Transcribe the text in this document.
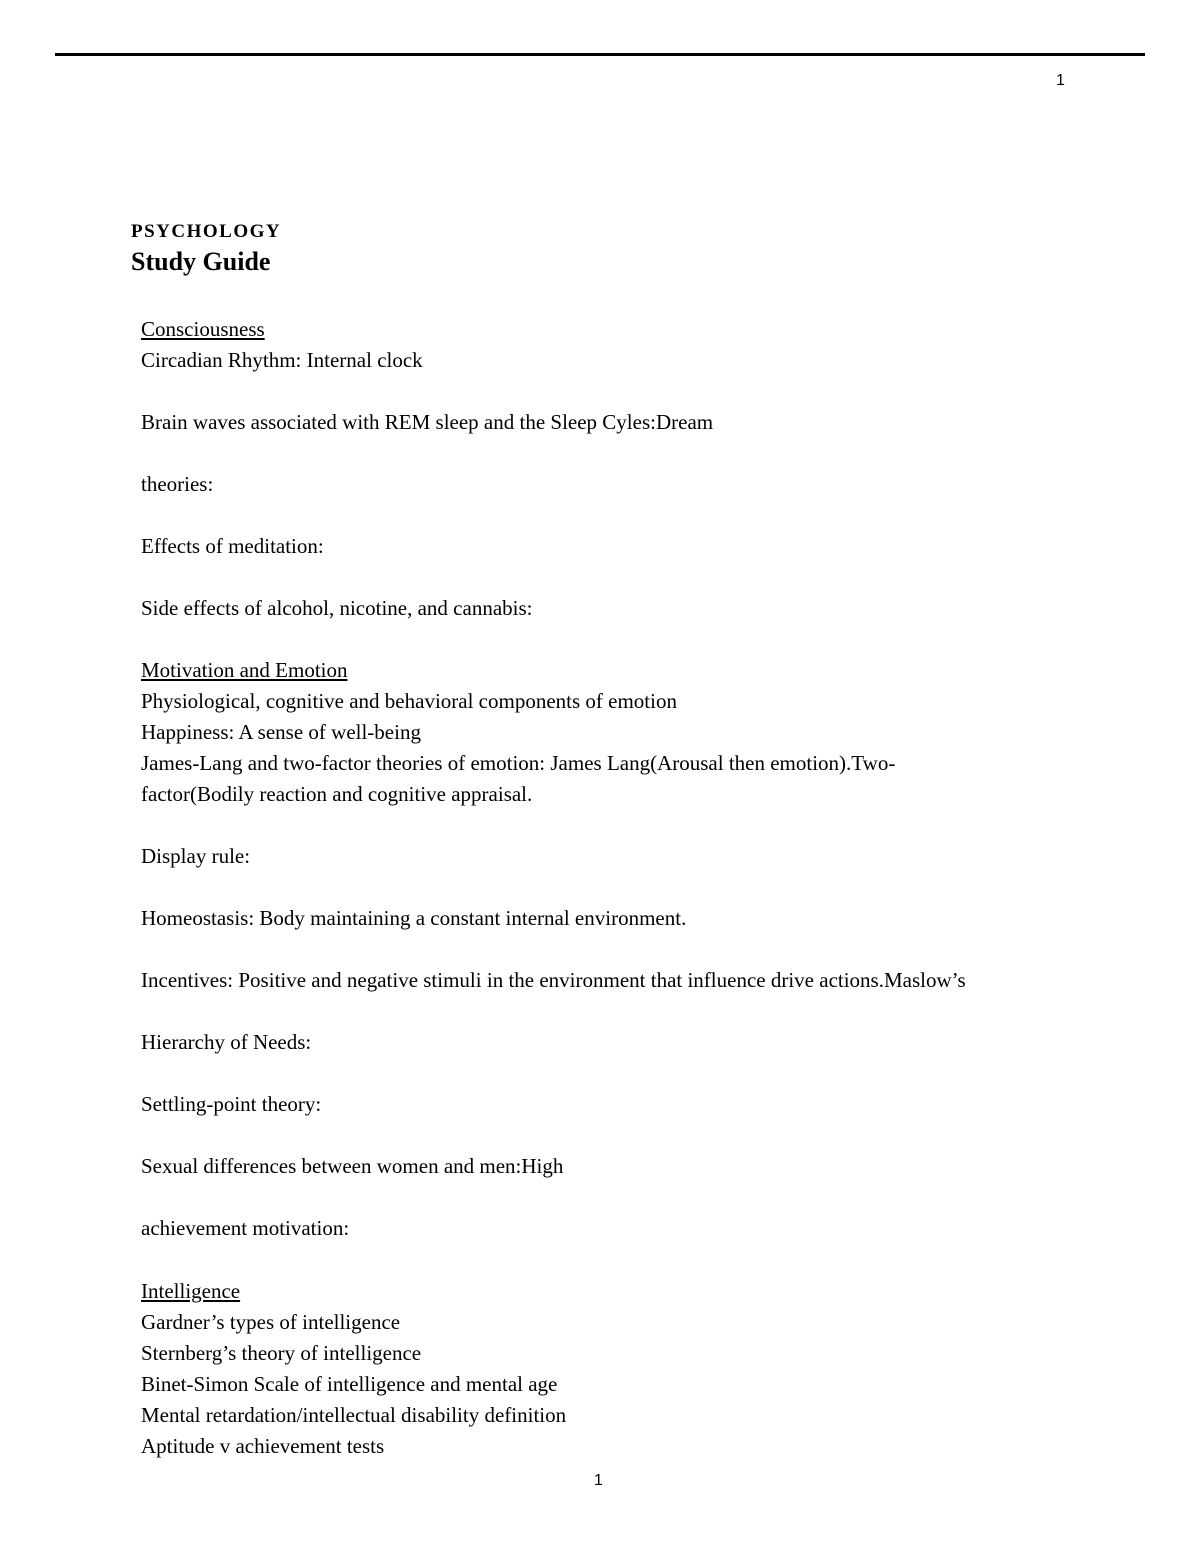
1
PSYCHOLOGY
Study Guide
Consciousness
Circadian Rhythm: Internal clock
Brain waves associated with REM sleep and the Sleep Cyles:Dream
theories:
Effects of meditation:
Side effects of alcohol, nicotine, and cannabis:
Motivation and Emotion
Physiological, cognitive and behavioral components of emotion
Happiness: A sense of well-being
James-Lang and two-factor theories of emotion: James Lang(Arousal then emotion).Two-
factor(Bodily reaction and cognitive appraisal.
Display rule:
Homeostasis: Body maintaining a constant internal environment.
Incentives: Positive and negative stimuli in the environment that influence drive actions.Maslow’s
Hierarchy of Needs:
Settling-point theory:
Sexual differences between women and men:High
achievement motivation:
Intelligence
Gardner’s types of intelligence
Sternberg’s theory of intelligence
Binet-Simon Scale of intelligence and mental age
Mental retardation/intellectual disability definition
Aptitude v achievement tests
1
